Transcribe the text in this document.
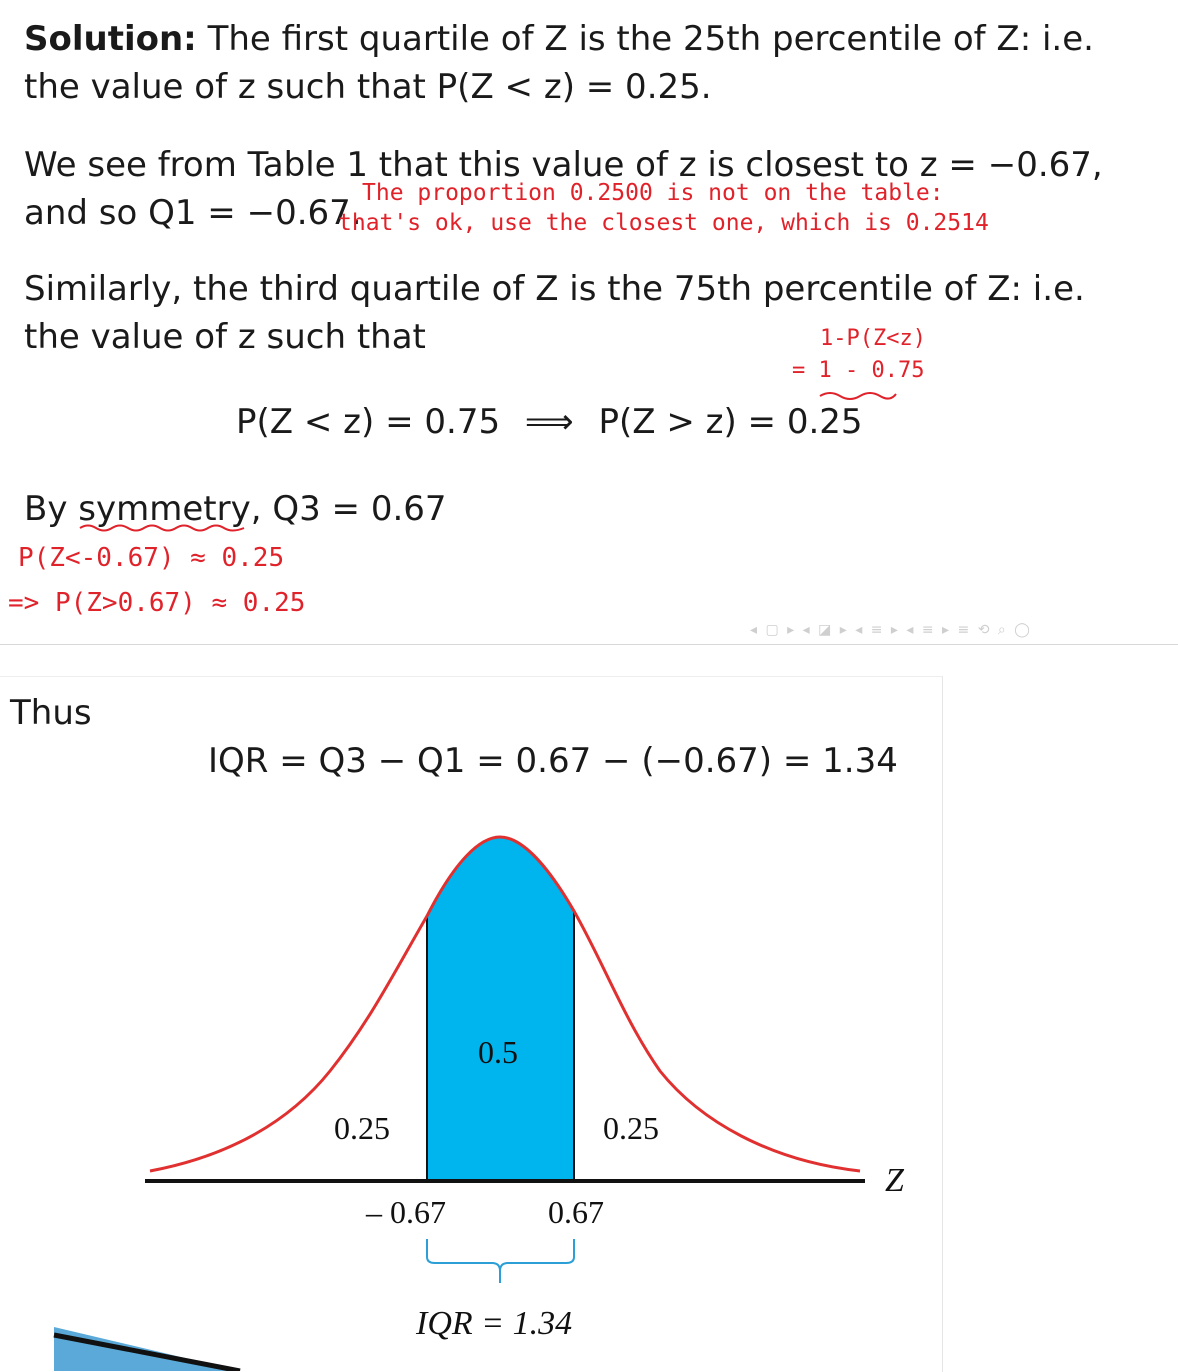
Solution: The first quartile of Z is the 25th percentile of Z: i.e.
the value of z such that P(Z < z) = 0.25.
We see from Table 1 that this value of z is closest to z = −0.67,
and so Q1 = −0.67. The proportion 0.2500 is not on the table:
that's ok, use the closest one, which is 0.2514
Similarly, the third quartile of Z is the 75th percentile of Z: i.e.
the value of z such that	1-P(Z<z)
= 1 - 0.75
P(Z < z) = 0.75 ⟹ P(Z > z) = 0.25
By symmetry, Q3 = 0.67
P(Z<-0.67) ≈ 0.25
=> P(Z>0.67) ≈ 0.25
◂ ▢ ▸ ◂ ◪ ▸ ◂ ≡ ▸ ◂ ≡ ▸ ≡ ⟲ ⌕ ◯
Thus
IQR = Q3 − Q1 = 0.67 − (−0.67) = 1.34
0.5
0.25	0.25
Z
– 0.67	0.67
IQR = 1.34
